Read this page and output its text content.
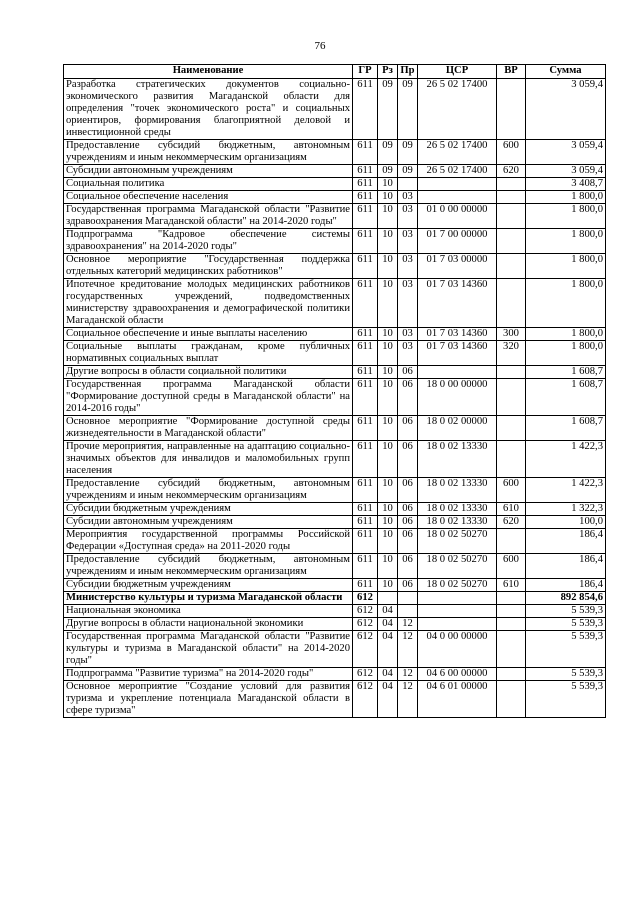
76
Наименование	ГР	Рз	Пр	ЦСР	ВР	Сумма
Разработка стратегических документов социально-экономического развития Магаданской области для определения "точек экономического роста" и социальных ориентиров, формирования благоприятной деловой и инвестиционной среды	611	09	09	26 5 02 17400		3 059,4
Предоставление субсидий бюджетным, автономным учреждениям и иным некоммерческим организациям	611	09	09	26 5 02 17400	600	3 059,4
Субсидии автономным учреждениям	611	09	09	26 5 02 17400	620	3 059,4
Социальная политика	611	10				3 408,7
Социальное обеспечение населения	611	10	03			1 800,0
Государственная программа Магаданской области "Развитие здравоохранения Магаданской области" на 2014-2020 годы"	611	10	03	01 0 00 00000		1 800,0
Подпрограмма "Кадровое обеспечение системы здравоохранения" на 2014-2020 годы"	611	10	03	01 7 00 00000		1 800,0
Основное мероприятие "Государственная поддержка отдельных категорий медицинских работников"	611	10	03	01 7 03 00000		1 800,0
Ипотечное кредитование молодых медицинских работников государственных учреждений, подведомственных министерству здравоохранения и демографической политики Магаданской области	611	10	03	01 7 03 14360		1 800,0
Социальное обеспечение и иные выплаты населению	611	10	03	01 7 03 14360	300	1 800,0
Социальные выплаты гражданам, кроме публичных нормативных социальных выплат	611	10	03	01 7 03 14360	320	1 800,0
Другие вопросы в области социальной политики	611	10	06			1 608,7
Государственная программа Магаданской области "Формирование доступной среды в Магаданской области" на 2014-2016 годы"	611	10	06	18 0 00 00000		1 608,7
Основное мероприятие "Формирование доступной среды жизнедеятельности в Магаданской области"	611	10	06	18 0 02 00000		1 608,7
Прочие мероприятия, направленные на адаптацию социально-значимых объектов для инвалидов и маломобильных групп населения	611	10	06	18 0 02 13330		1 422,3
Предоставление субсидий бюджетным, автономным учреждениям и иным некоммерческим организациям	611	10	06	18 0 02 13330	600	1 422,3
Субсидии бюджетным учреждениям	611	10	06	18 0 02 13330	610	1 322,3
Субсидии автономным учреждениям	611	10	06	18 0 02 13330	620	100,0
Мероприятия государственной программы Российской Федерации «Доступная среда» на 2011-2020 годы	611	10	06	18 0 02 50270		186,4
Предоставление субсидий бюджетным, автономным учреждениям и иным некоммерческим организациям	611	10	06	18 0 02 50270	600	186,4
Субсидии бюджетным учреждениям	611	10	06	18 0 02 50270	610	186,4
Министерство культуры и туризма Магаданской области	612					892 854,6
Национальная экономика	612	04				5 539,3
Другие вопросы в области национальной экономики	612	04	12			5 539,3
Государственная программа Магаданской области "Развитие культуры и туризма в Магаданской области" на 2014-2020 годы"	612	04	12	04 0 00 00000		5 539,3
Подпрограмма "Развитие туризма" на 2014-2020 годы"	612	04	12	04 6 00 00000		5 539,3
Основное мероприятие "Создание условий для развития туризма и укрепление потенциала Магаданской области в сфере туризма"	612	04	12	04 6 01 00000		5 539,3
